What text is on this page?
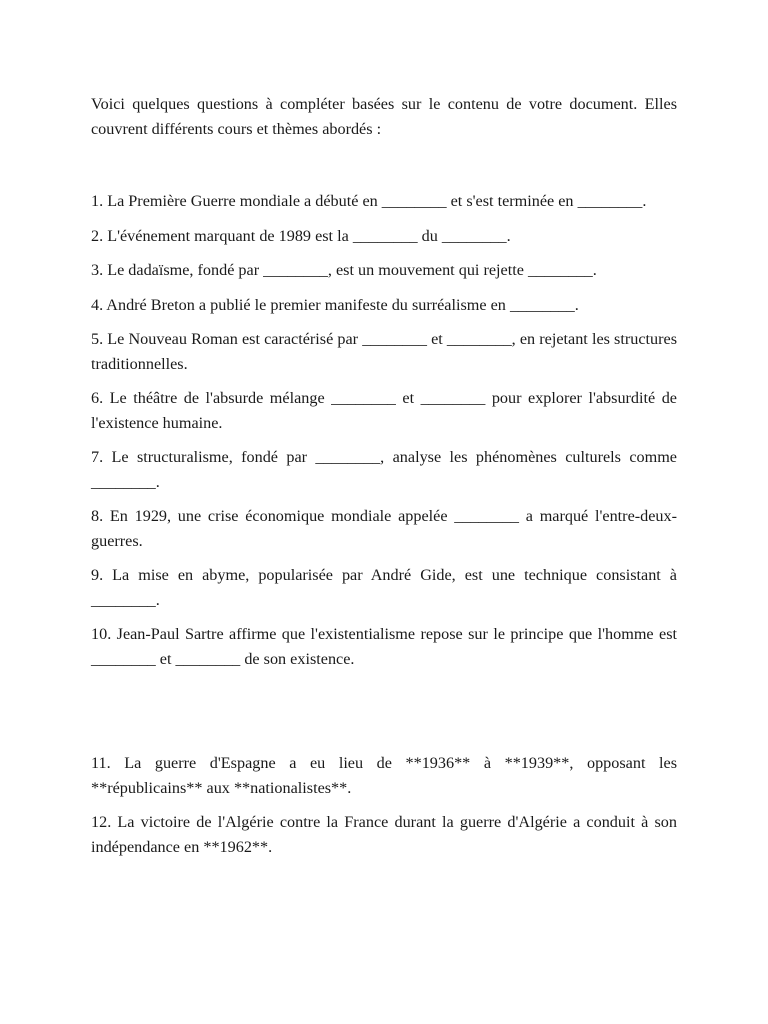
Voici quelques questions à compléter basées sur le contenu de votre document. Elles couvrent différents cours et thèmes abordés :

1. La Première Guerre mondiale a débuté en ________ et s'est terminée en ________.

2. L'événement marquant de 1989 est la ________ du ________.

3. Le dadaïsme, fondé par ________, est un mouvement qui rejette ________.

4. André Breton a publié le premier manifeste du surréalisme en ________.

5. Le Nouveau Roman est caractérisé par ________ et ________, en rejetant les structures traditionnelles.

6. Le théâtre de l'absurde mélange ________ et ________ pour explorer l'absurdité de l'existence humaine.

7. Le structuralisme, fondé par ________, analyse les phénomènes culturels comme ________.

8. En 1929, une crise économique mondiale appelée ________ a marqué l'entre-deux-guerres.

9. La mise en abyme, popularisée par André Gide, est une technique consistant à ________.

10. Jean-Paul Sartre affirme que l'existentialisme repose sur le principe que l'homme est ________ et ________ de son existence.

11. La guerre d'Espagne a eu lieu de **1936** à **1939**, opposant les **républicains** aux **nationalistes**.

12. La victoire de l'Algérie contre la France durant la guerre d'Algérie a conduit à son indépendance en **1962**.
